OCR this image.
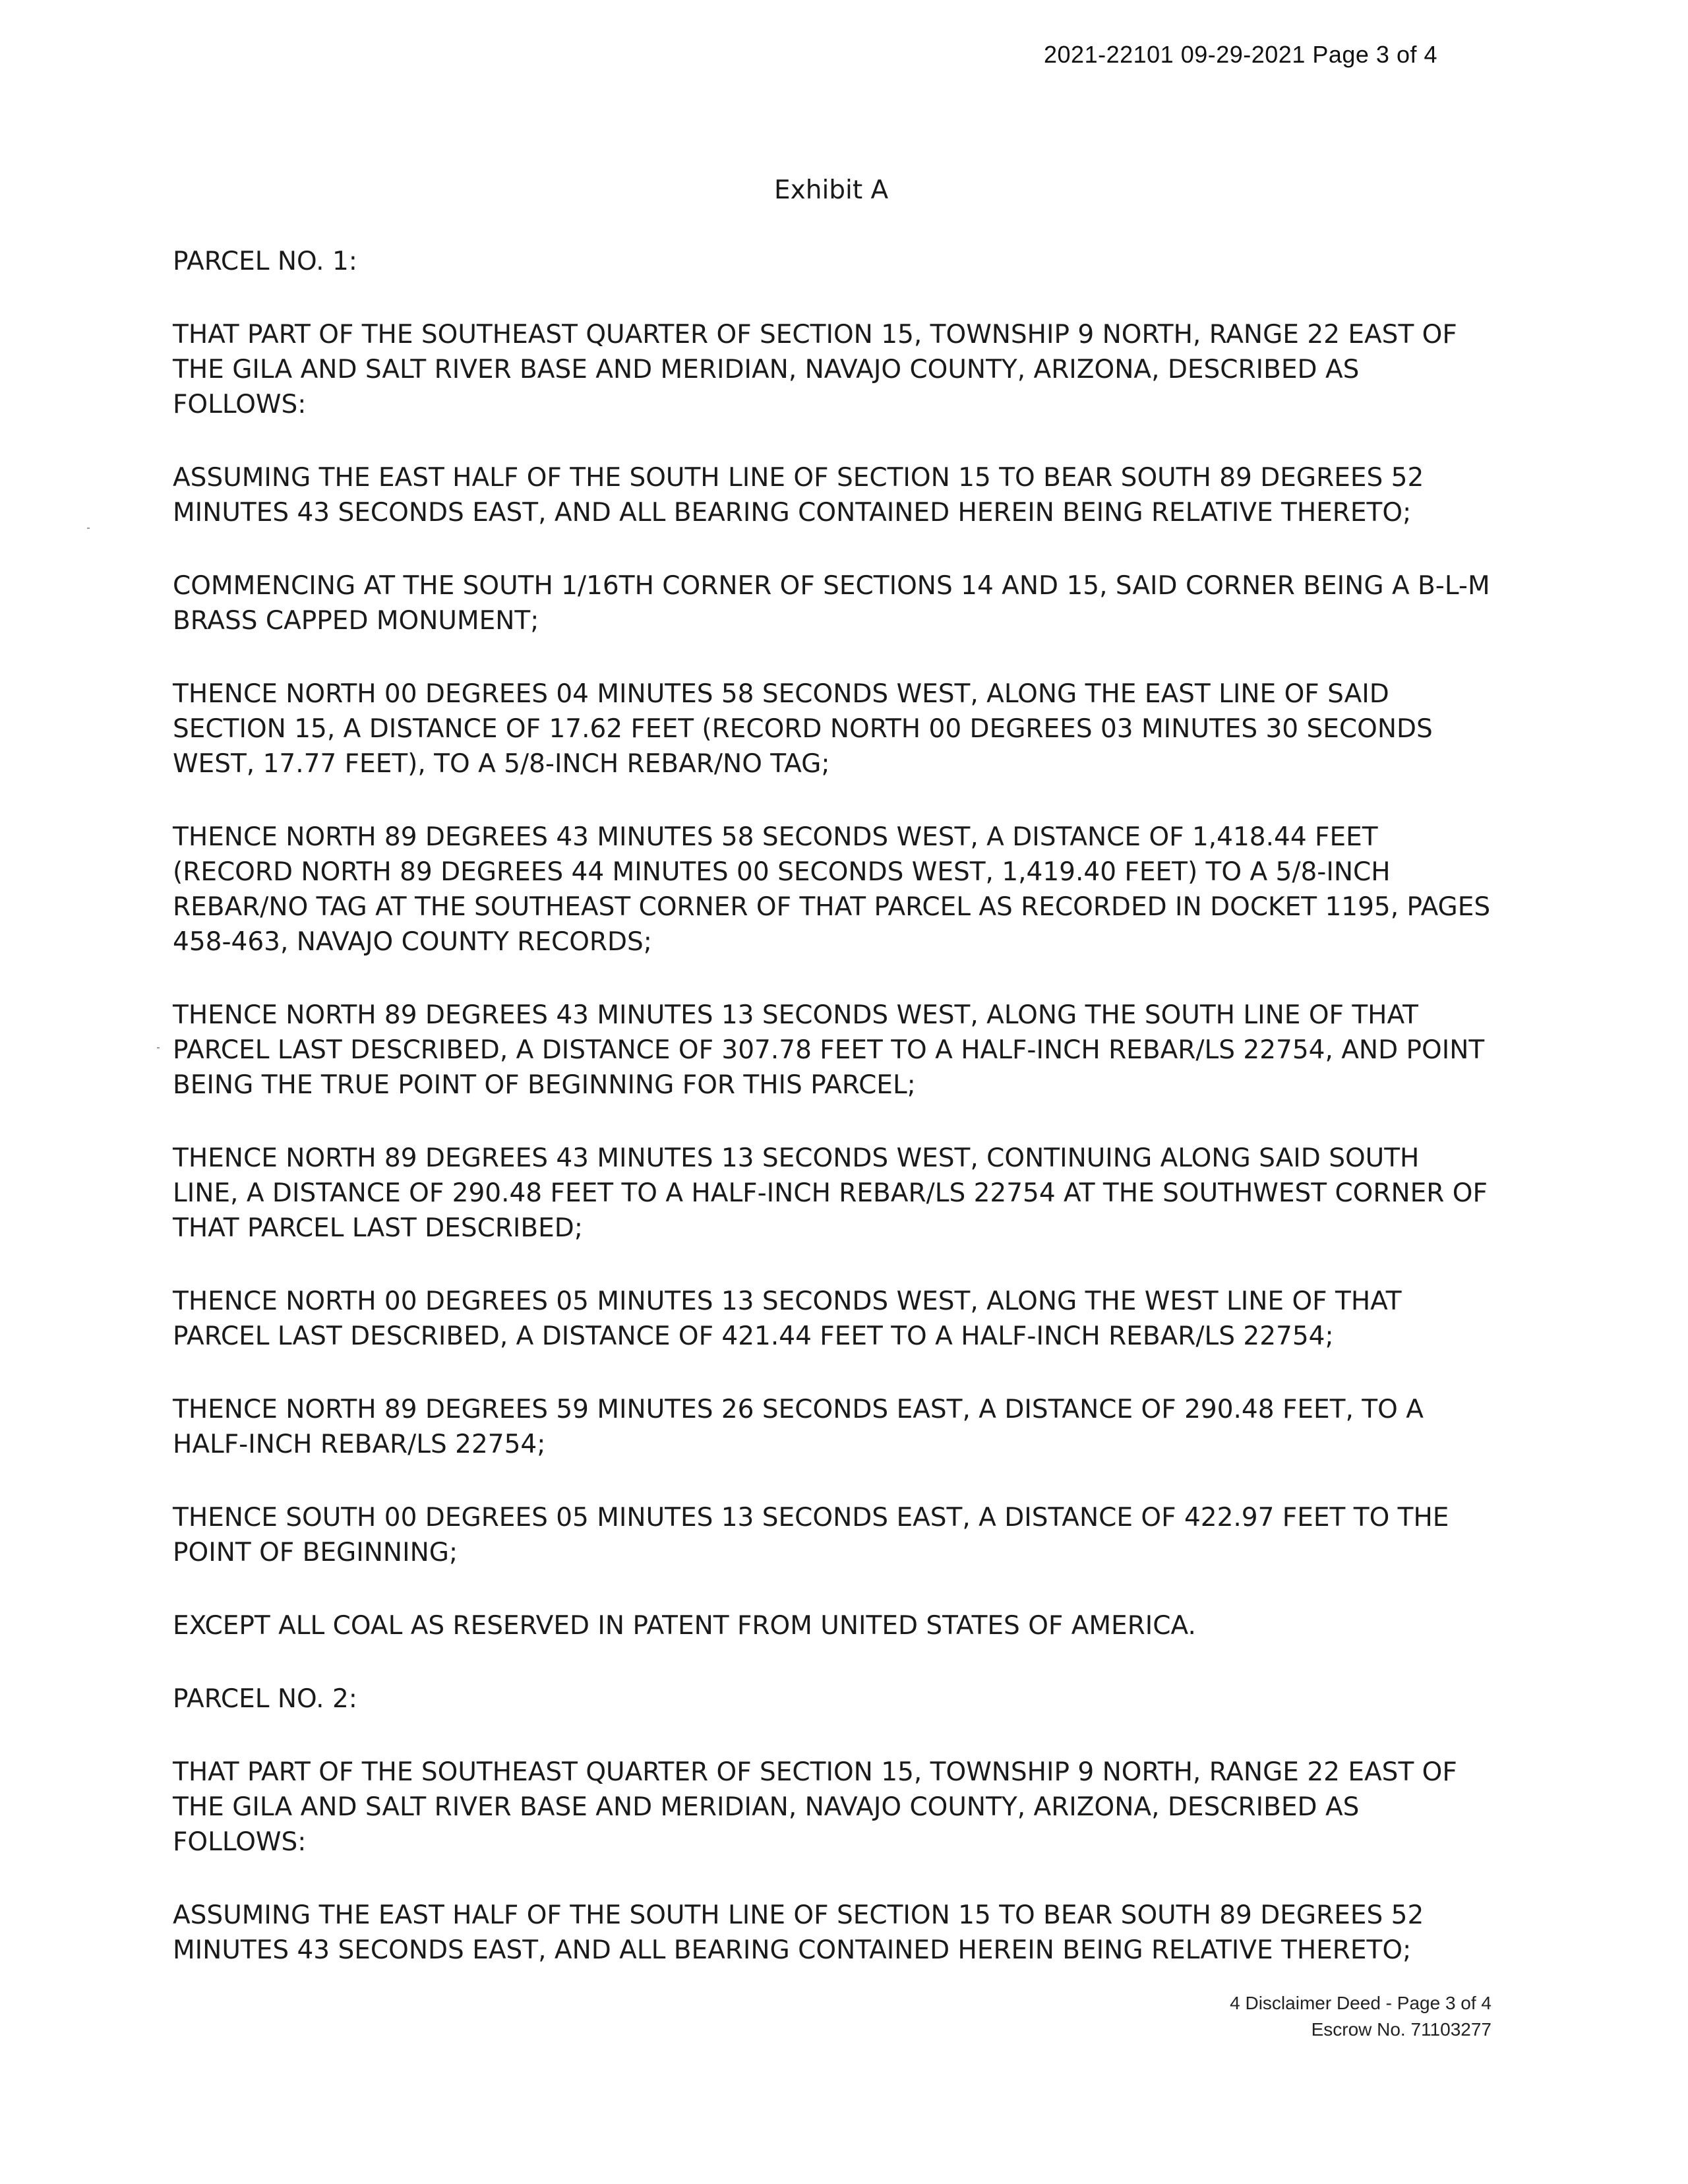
2021-22101 09-29-2021 Page 3 of 4
Exhibit A

PARCEL NO. 1:

THAT PART OF THE SOUTHEAST QUARTER OF SECTION 15, TOWNSHIP 9 NORTH, RANGE 22 EAST OF THE GILA AND SALT RIVER BASE AND MERIDIAN, NAVAJO COUNTY, ARIZONA, DESCRIBED AS FOLLOWS:

ASSUMING THE EAST HALF OF THE SOUTH LINE OF SECTION 15 TO BEAR SOUTH 89 DEGREES 52 MINUTES 43 SECONDS EAST, AND ALL BEARING CONTAINED HEREIN BEING RELATIVE THERETO;

COMMENCING AT THE SOUTH 1/16TH CORNER OF SECTIONS 14 AND 15, SAID CORNER BEING A B-L-M BRASS CAPPED MONUMENT;

THENCE NORTH 00 DEGREES 04 MINUTES 58 SECONDS WEST, ALONG THE EAST LINE OF SAID SECTION 15, A DISTANCE OF 17.62 FEET (RECORD NORTH 00 DEGREES 03 MINUTES 30 SECONDS WEST, 17.77 FEET), TO A 5/8-INCH REBAR/NO TAG;

THENCE NORTH 89 DEGREES 43 MINUTES 58 SECONDS WEST, A DISTANCE OF 1,418.44 FEET (RECORD NORTH 89 DEGREES 44 MINUTES 00 SECONDS WEST, 1,419.40 FEET) TO A 5/8-INCH REBAR/NO TAG AT THE SOUTHEAST CORNER OF THAT PARCEL AS RECORDED IN DOCKET 1195, PAGES 458-463, NAVAJO COUNTY RECORDS;

THENCE NORTH 89 DEGREES 43 MINUTES 13 SECONDS WEST, ALONG THE SOUTH LINE OF THAT PARCEL LAST DESCRIBED, A DISTANCE OF 307.78 FEET TO A HALF-INCH REBAR/LS 22754, AND POINT BEING THE TRUE POINT OF BEGINNING FOR THIS PARCEL;

THENCE NORTH 89 DEGREES 43 MINUTES 13 SECONDS WEST, CONTINUING ALONG SAID SOUTH LINE, A DISTANCE OF 290.48 FEET TO A HALF-INCH REBAR/LS 22754 AT THE SOUTHWEST CORNER OF THAT PARCEL LAST DESCRIBED;

THENCE NORTH 00 DEGREES 05 MINUTES 13 SECONDS WEST, ALONG THE WEST LINE OF THAT PARCEL LAST DESCRIBED, A DISTANCE OF 421.44 FEET TO A HALF-INCH REBAR/LS 22754;

THENCE NORTH 89 DEGREES 59 MINUTES 26 SECONDS EAST, A DISTANCE OF 290.48 FEET, TO A HALF-INCH REBAR/LS 22754;

THENCE SOUTH 00 DEGREES 05 MINUTES 13 SECONDS EAST, A DISTANCE OF 422.97 FEET TO THE POINT OF BEGINNING;

EXCEPT ALL COAL AS RESERVED IN PATENT FROM UNITED STATES OF AMERICA.

PARCEL NO. 2:

THAT PART OF THE SOUTHEAST QUARTER OF SECTION 15, TOWNSHIP 9 NORTH, RANGE 22 EAST OF THE GILA AND SALT RIVER BASE AND MERIDIAN, NAVAJO COUNTY, ARIZONA, DESCRIBED AS FOLLOWS:

ASSUMING THE EAST HALF OF THE SOUTH LINE OF SECTION 15 TO BEAR SOUTH 89 DEGREES 52 MINUTES 43 SECONDS EAST, AND ALL BEARING CONTAINED HEREIN BEING RELATIVE THERETO;

4 Disclaimer Deed - Page 3 of 4
Escrow No. 71103277
